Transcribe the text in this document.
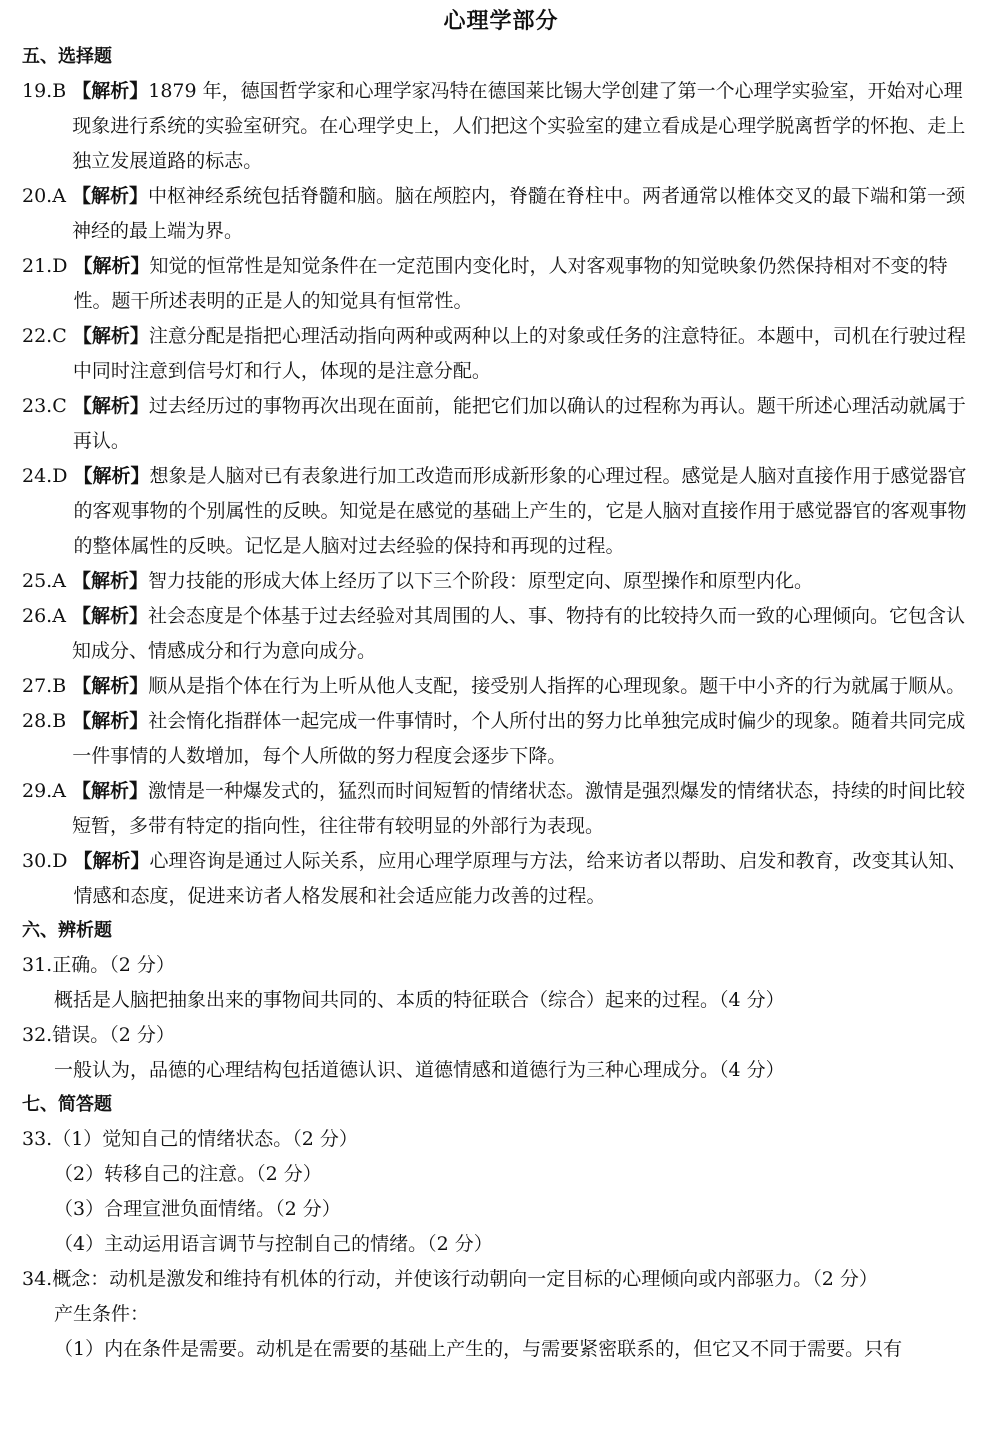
心理学部分
五、选择题
19.B 【解析】1879 年，德国哲学家和心理学家冯特在德国莱比锡大学创建了第一个心理学实验室，开始对心理现象进行系统的实验室研究。在心理学史上，人们把这个实验室的建立看成是心理学脱离哲学的怀抱、走上独立发展道路的标志。
20.A 【解析】中枢神经系统包括脊髓和脑。脑在颅腔内，脊髓在脊柱中。两者通常以椎体交叉的最下端和第一颈神经的最上端为界。
21.D 【解析】知觉的恒常性是知觉条件在一定范围内变化时，人对客观事物的知觉映象仍然保持相对不变的特性。题干所述表明的正是人的知觉具有恒常性。
22.C 【解析】注意分配是指把心理活动指向两种或两种以上的对象或任务的注意特征。本题中，司机在行驶过程中同时注意到信号灯和行人，体现的是注意分配。
23.C 【解析】过去经历过的事物再次出现在面前，能把它们加以确认的过程称为再认。题干所述心理活动就属于再认。
24.D 【解析】想象是人脑对已有表象进行加工改造而形成新形象的心理过程。感觉是人脑对直接作用于感觉器官的客观事物的个别属性的反映。知觉是在感觉的基础上产生的，它是人脑对直接作用于感觉器官的客观事物的整体属性的反映。记忆是人脑对过去经验的保持和再现的过程。
25.A 【解析】智力技能的形成大体上经历了以下三个阶段：原型定向、原型操作和原型内化。
26.A 【解析】社会态度是个体基于过去经验对其周围的人、事、物持有的比较持久而一致的心理倾向。它包含认知成分、情感成分和行为意向成分。
27.B 【解析】顺从是指个体在行为上听从他人支配，接受别人指挥的心理现象。题干中小齐的行为就属于顺从。
28.B 【解析】社会惰化指群体一起完成一件事情时，个人所付出的努力比单独完成时偏少的现象。随着共同完成一件事情的人数增加，每个人所做的努力程度会逐步下降。
29.A 【解析】激情是一种爆发式的，猛烈而时间短暂的情绪状态。激情是强烈爆发的情绪状态，持续的时间比较短暂，多带有特定的指向性，往往带有较明显的外部行为表现。
30.D 【解析】心理咨询是通过人际关系，应用心理学原理与方法，给来访者以帮助、启发和教育，改变其认知、情感和态度，促进来访者人格发展和社会适应能力改善的过程。
六、辨析题
31. 正确。（2 分）
概括是人脑把抽象出来的事物间共同的、本质的特征联合（综合）起来的过程。（4 分）
32. 错误。（2 分）
一般认为，品德的心理结构包括道德认识、道德情感和道德行为三种心理成分。（4 分）
七、简答题
33. （1）觉知自己的情绪状态。（2 分）
（2）转移自己的注意。（2 分）
（3）合理宣泄负面情绪。（2 分）
（4）主动运用语言调节与控制自己的情绪。（2 分）
34. 概念：动机是激发和维持有机体的行动，并使该行动朝向一定目标的心理倾向或内部驱力。（2 分）
产生条件：
（1）内在条件是需要。动机是在需要的基础上产生的，与需要紧密联系的，但它又不同于需要。只有
